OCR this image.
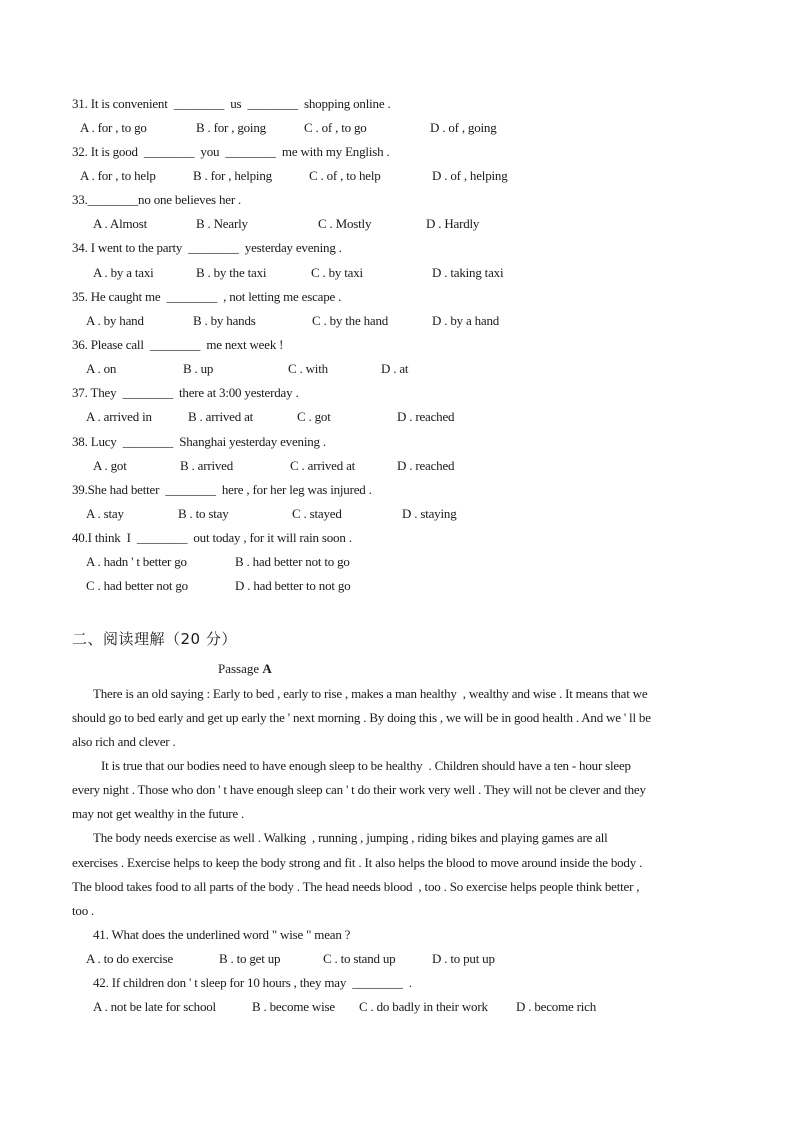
31. It is convenient  ________  us  ________  shopping online .
A . for , to go	B . for , going	C . of , to go	D . of , going
32. It is good  ________  you  ________  me with my English .
A . for , to help	B . for , helping	C . of , to help	D . of , helping
33.________no one believes her .
A . Almost	B . Nearly	C . Mostly	D . Hardly
34. I went to the party  ________  yesterday evening .
A . by a taxi	B . by the taxi	C . by taxi	D . taking taxi
35. He caught me  ________  , not letting me escape .
A . by hand	B . by hands	C . by the hand	D . by a hand
36. Please call  ________  me next week !
A . on	B . up	C . with	D . at
37. They  ________  there at 3:00 yesterday .
A . arrived in	B . arrived at	C . got	D . reached
38. Lucy  ________  Shanghai yesterday evening .
A . got	B . arrived	C . arrived at	D . reached
39.She had better  ________  here , for her leg was injured .
A . stay	B . to stay	C . stayed	D . staying
40.I think  I  ________  out today , for it will rain soon .
A . hadn ' t better go	B . had better not to go
C . had better not go	D . had better to not go
二、阅读理解（20 分）
Passage A
There is an old saying : Early to bed , early to rise , makes a man healthy  , wealthy and wise . It means that we
should go to bed early and get up early the ' next morning . By doing this , we will be in good health . And we ' ll be
also rich and clever .
It is true that our bodies need to have enough sleep to be healthy  . Children should have a ten - hour sleep
every night . Those who don ' t have enough sleep can ' t do their work very well . They will not be clever and they
may not get wealthy in the future .
The body needs exercise as well . Walking  , running , jumping , riding bikes and playing games are all
exercises . Exercise helps to keep the body strong and fit . It also helps the blood to move around inside the body .
The blood takes food to all parts of the body . The head needs blood  , too . So exercise helps people think better ,
too .
41. What does the underlined word " wise " mean ?
A . to do exercise	B . to get up	C . to stand up	D . to put up
42. If children don ' t sleep for 10 hours , they may  ________  .
A . not be late for school	B . become wise C . do badly in their work D . become rich
